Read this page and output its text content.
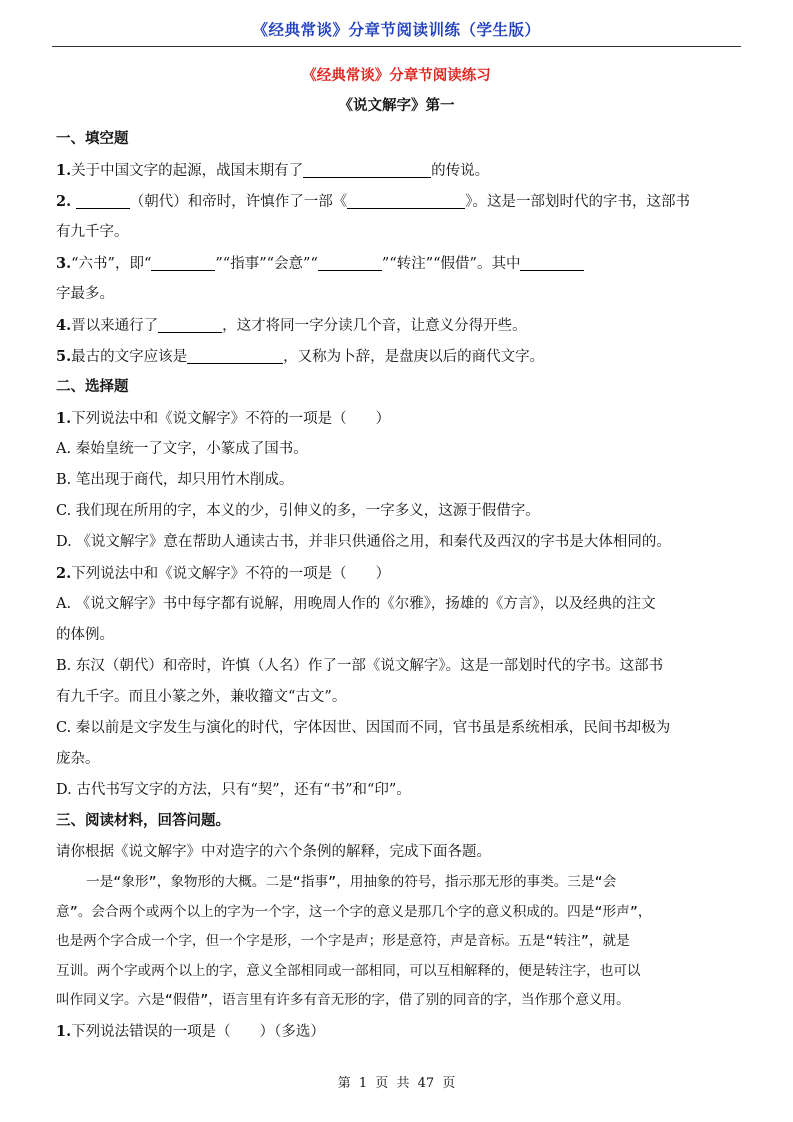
《经典常谈》分章节阅读训练（学生版）
《经典常谈》分章节阅读练习
《说文解字》第一
一、填空题
1.关于中国文字的起源，战国末期有了	的传说。
2.	（朝代）和帝时，许慎作了一部《	》。这是一部划时代的字书，这部书
有九千字。
3.“六书”，即“	”“指事”“会意”“	”“转注”“假借”。其中
字最多。
4.晋以来通行了	，这才将同一字分读几个音，让意义分得开些。
5.最古的文字应该是	，又称为卜辞，是盘庚以后的商代文字。
二、选择题
1.下列说法中和《说文解字》不符的一项是（　　）
A. 秦始皇统一了文字，小篆成了国书。
B. 笔出现于商代，却只用竹木削成。
C. 我们现在所用的字，本义的少，引伸义的多，一字多义，这源于假借字。
D. 《说文解字》意在帮助人通读古书，并非只供通俗之用，和秦代及西汉的字书是大体相同的。
2.下列说法中和《说文解字》不符的一项是（　　）
A. 《说文解字》书中每字都有说解，用晚周人作的《尔雅》，扬雄的《方言》，以及经典的注文
的体例。
B. 东汉（朝代）和帝时，许慎（人名）作了一部《说文解字》。这是一部划时代的字书。这部书
有九千字。而且小篆之外，兼收籀文“古文”。
C. 秦以前是文字发生与演化的时代，字体因世、因国而不同，官书虽是系统相承，民间书却极为
庞杂。
D. 古代书写文字的方法，只有“契”，还有“书”和“印”。
三、阅读材料，回答问题。
请你根据《说文解字》中对造字的六个条例的解释，完成下面各题。
一是“象形”，象物形的大概。二是“指事”，用抽象的符号，指示那无形的事类。三是“会
意”。会合两个或两个以上的字为一个字，这一个字的意义是那几个字的意义积成的。四是“形声”，
也是两个字合成一个字，但一个字是形，一个字是声；形是意符，声是音标。五是“转注”，就是
互训。两个字或两个以上的字，意义全部相同或一部相同，可以互相解释的，便是转注字，也可以
叫作同义字。六是“假借”，语言里有许多有音无形的字，借了别的同音的字，当作那个意义用。
1.下列说法错误的一项是（　　）（多选）
第 1 页 共 47 页
